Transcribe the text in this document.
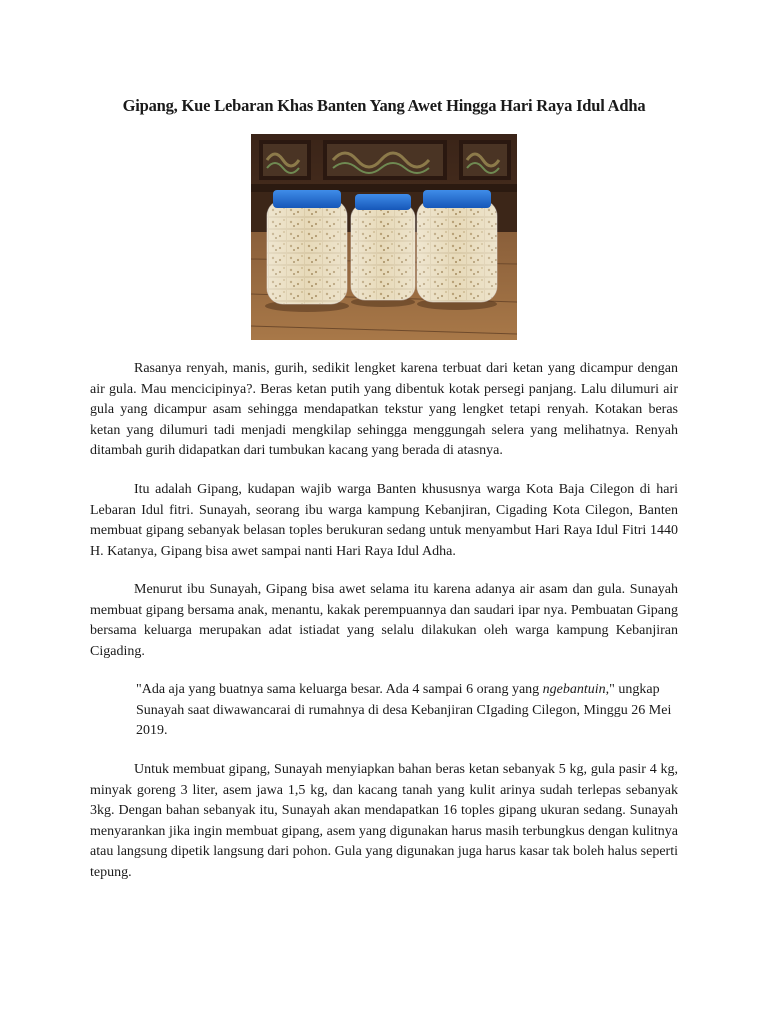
Gipang, Kue Lebaran Khas Banten Yang Awet Hingga Hari Raya Idul Adha

Rasanya renyah, manis, gurih, sedikit lengket karena terbuat dari ketan yang dicampur dengan air gula. Mau mencicipinya?. Beras ketan putih yang dibentuk kotak persegi panjang. Lalu dilumuri air gula yang dicampur asam sehingga mendapatkan tekstur yang lengket tetapi renyah. Kotakan beras ketan yang dilumuri tadi menjadi mengkilap sehingga menggungah selera yang melihatnya. Renyah ditambah gurih didapatkan dari tumbukan kacang yang berada di atasnya.

Itu adalah Gipang, kudapan wajib warga Banten khususnya warga Kota Baja Cilegon di hari Lebaran Idul fitri. Sunayah, seorang ibu warga kampung Kebanjiran, Cigading Kota Cilegon, Banten membuat gipang sebanyak belasan toples berukuran sedang untuk menyambut Hari Raya Idul Fitri 1440 H. Katanya, Gipang bisa awet sampai nanti Hari Raya Idul Adha.

Menurut ibu Sunayah, Gipang bisa awet selama itu karena adanya air asam dan gula. Sunayah membuat gipang bersama anak, menantu, kakak perempuannya dan saudari ipar nya. Pembuatan Gipang bersama keluarga merupakan adat istiadat yang selalu dilakukan oleh warga kampung Kebanjiran Cigading.

"Ada aja yang buatnya sama keluarga besar. Ada 4 sampai 6 orang yang ngebantuin," ungkap Sunayah saat diwawancarai di rumahnya di desa Kebanjiran CIgading Cilegon, Minggu 26 Mei 2019.

Untuk membuat gipang, Sunayah menyiapkan bahan beras ketan sebanyak 5 kg, gula pasir 4 kg, minyak goreng 3 liter, asem jawa 1,5 kg, dan kacang tanah yang kulit arinya sudah terlepas sebanyak 3kg. Dengan bahan sebanyak itu, Sunayah akan mendapatkan 16 toples gipang ukuran sedang. Sunayah menyarankan jika ingin membuat gipang, asem yang digunakan harus masih terbungkus dengan kulitnya atau langsung dipetik langsung dari pohon. Gula yang digunakan juga harus kasar tak boleh halus seperti tepung.
